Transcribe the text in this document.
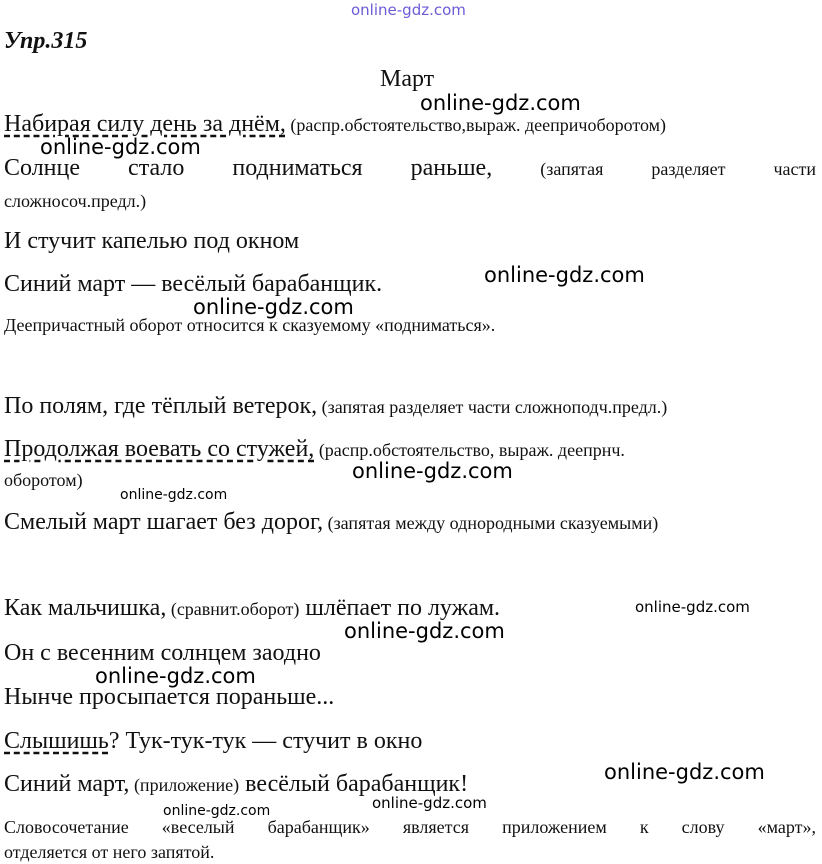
online-gdz.com
online-gdz.com
online-gdz.com
online-gdz.com
online-gdz.com
online-gdz.com
online-gdz.com
online-gdz.com
online-gdz.com
online-gdz.com
online-gdz.com
online-gdz.com	online-gdz.com
Упр.315
Март
Набирая силу день за днём, (распр.обстоятельство,выраж. деепричоборотом)
Солнце стало подниматься раньше,	(запятая	разделяет	части
сложносоч.предл.)
И стучит капелью под окном
Синий март — весёлый барабанщик.
Деепричастный оборот относится к сказуемому «подниматься».
По полям, где тёплый ветерок, (запятая разделяет части сложноподч.предл.)
Продолжая воевать со стужей, (распр.обстоятельство, выраж. деепрнч.
оборотом)
Смелый март шагает без дорог, (запятая между однородными сказуемыми)
Как мальчишка, (сравнит.оборот) шлёпает по лужам.
Он с весенним солнцем заодно
Нынче просыпается пораньше...
Слышишь? Тук-тук-тук — стучит в окно
Синий март, (приложение) весёлый барабанщик!
Словосочетание «веселый барабанщик» является приложением к слову «март»,
отделяется от него запятой.
